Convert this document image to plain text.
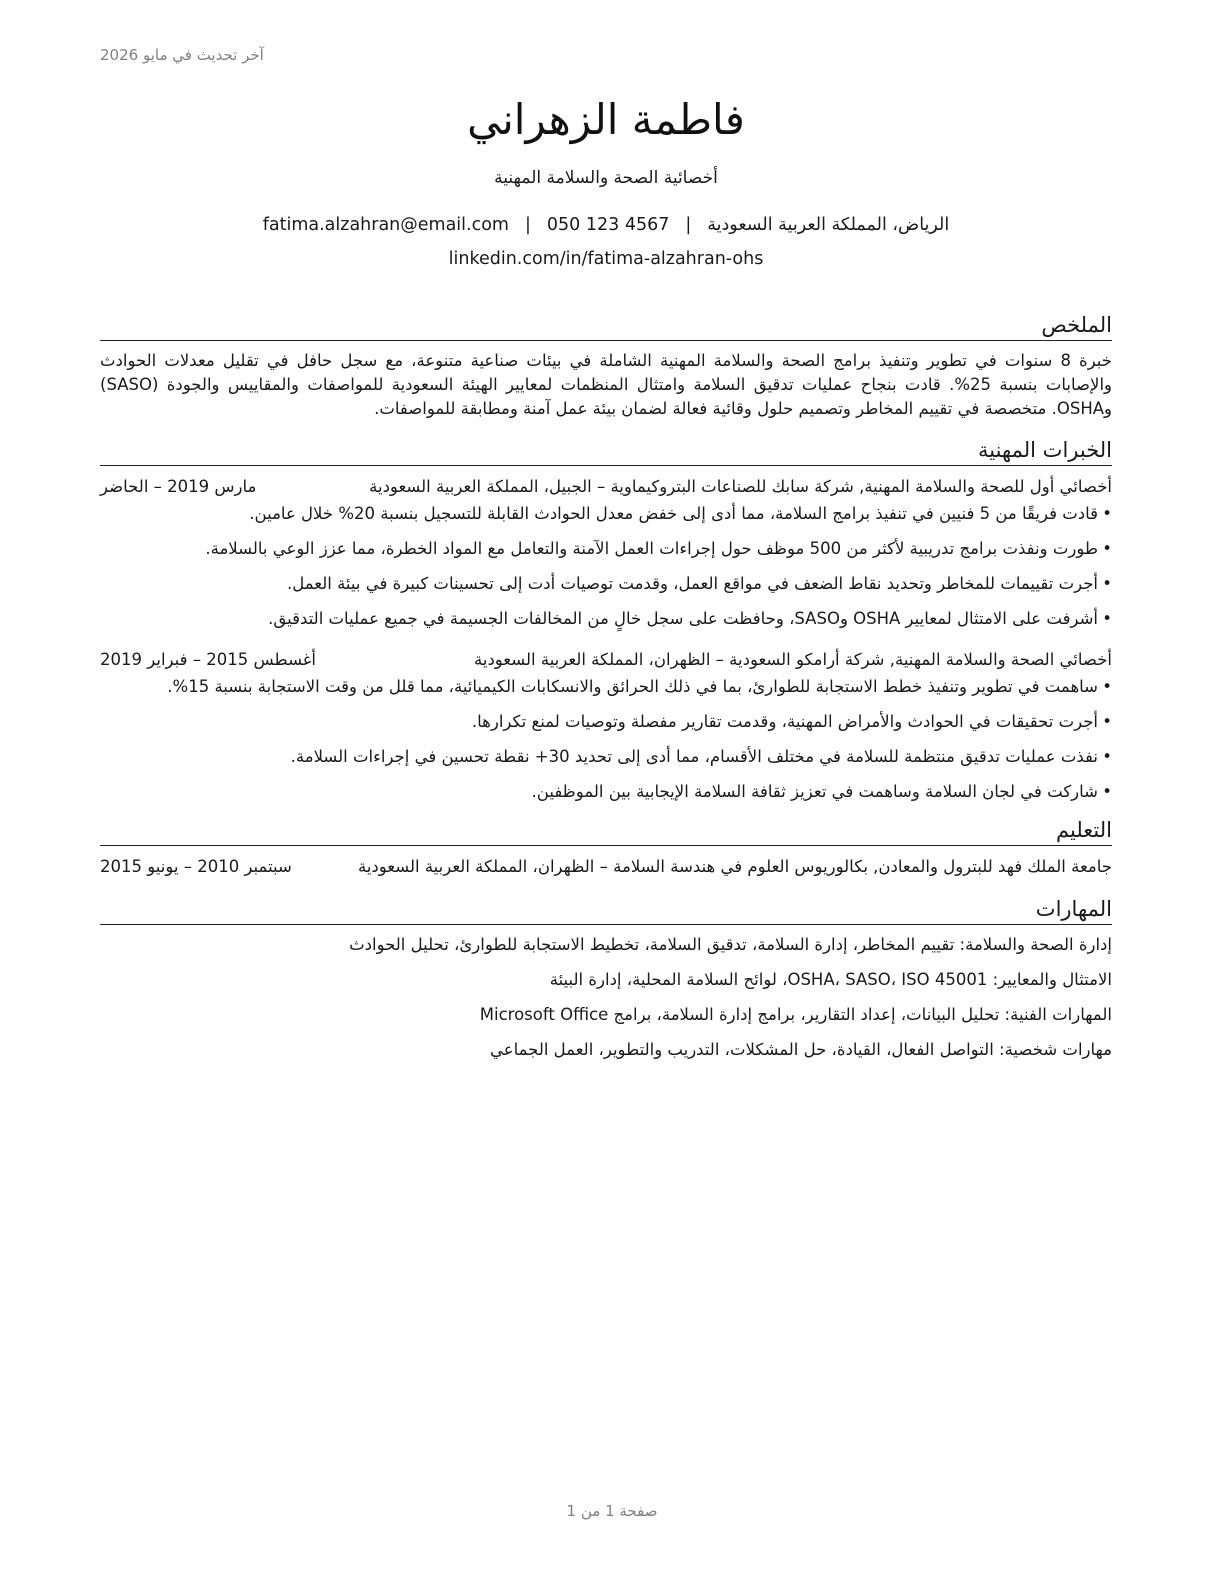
آخر تحديث في مايو 2026
فاطمة الزهراني
أخصائية الصحة والسلامة المهنية
الرياض، المملكة العربية السعودية|fatima.alzahran@email.com | 050 123 4567
linkedin.com/in/fatima-alzahran-ohs
الملخص

خبرة 8 سنوات في تطوير وتنفيذ برامج الصحة والسلامة المهنية الشاملة في بيئات صناعية متنوعة، مع سجل حافل في تقليل معدلات الحوادث والإصابات بنسبة 25%. قادت بنجاح عمليات تدقيق السلامة وامتثال المنظمات لمعايير الهيئة السعودية للمواصفات والمقاييس والجودة (SASO) وOSHA. متخصصة في تقييم المخاطر وتصميم حلول وقائية فعالة لضمان بيئة عمل آمنة ومطابقة للمواصفات.

الخبرات المهنية
أخصائي أول للصحة والسلامة المهنية, شركة سابك للصناعات البتروكيماوية – الجبيل، المملكة العربية السعودية
مارس 2019 – الحاضر
• قادت فريقًا من 5 فنيين في تنفيذ برامج السلامة، مما أدى إلى خفض معدل الحوادث القابلة للتسجيل بنسبة 20% خلال عامين.
• طورت ونفذت برامج تدريبية لأكثر من 500 موظف حول إجراءات العمل الآمنة والتعامل مع المواد الخطرة، مما عزز الوعي بالسلامة.
• أجرت تقييمات للمخاطر وتحديد نقاط الضعف في مواقع العمل، وقدمت توصيات أدت إلى تحسينات كبيرة في بيئة العمل.
• أشرفت على الامتثال لمعايير OSHA وSASO، وحافظت على سجل خالٍ من المخالفات الجسيمة في جميع عمليات التدقيق.
أخصائي الصحة والسلامة المهنية, شركة أرامكو السعودية – الظهران، المملكة العربية السعودية
أغسطس 2015 – فبراير 2019
• ساهمت في تطوير وتنفيذ خطط الاستجابة للطوارئ، بما في ذلك الحرائق والانسكابات الكيميائية، مما قلل من وقت الاستجابة بنسبة 15%.
• أجرت تحقيقات في الحوادث والأمراض المهنية، وقدمت تقارير مفصلة وتوصيات لمنع تكرارها.
• نفذت عمليات تدقيق منتظمة للسلامة في مختلف الأقسام، مما أدى إلى تحديد 30+ نقطة تحسين في إجراءات السلامة.
• شاركت في لجان السلامة وساهمت في تعزيز ثقافة السلامة الإيجابية بين الموظفين.
التعليم
جامعة الملك فهد للبترول والمعادن, بكالوريوس العلوم في هندسة السلامة – الظهران، المملكة العربية السعودية
سبتمبر 2010 – يونيو 2015
المهارات
إدارة الصحة والسلامة: تقييم المخاطر، إدارة السلامة، تدقيق السلامة، تخطيط الاستجابة للطوارئ، تحليل الحوادث
الامتثال والمعايير: OSHA، SASO، ISO 45001، لوائح السلامة المحلية، إدارة البيئة
المهارات الفنية: تحليل البيانات، إعداد التقارير، برامج إدارة السلامة، برامج Microsoft Office
مهارات شخصية: التواصل الفعال، القيادة، حل المشكلات، التدريب والتطوير، العمل الجماعي
صفحة 1 من 1
